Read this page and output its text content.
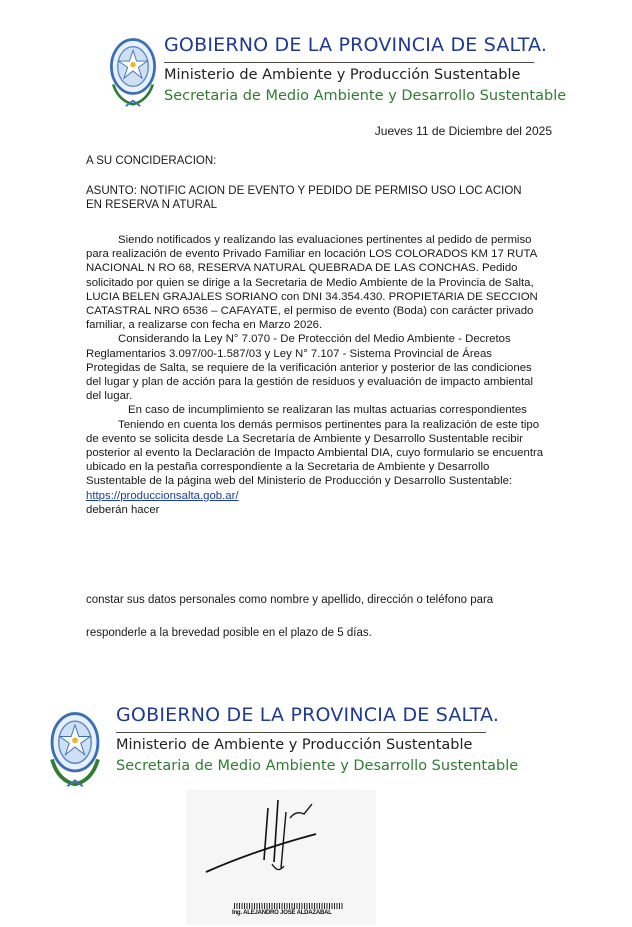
GOBIERNO DE LA PROVINCIA DE SALTA.
Ministerio de Ambiente y Producción Sustentable
Secretaria de Medio Ambiente y Desarrollo Sustentable
Jueves 11 de Diciembre del 2025
A SU CONCIDERACION:
ASUNTO: NOTIFIC ACION DE EVENTO Y PEDIDO DE PERMISO USO LOC ACION
EN RESERVA N ATURAL

Siendo notificados y realizando las evaluaciones pertinentes al pedido de permiso para realización de evento Privado Familiar en locación LOS COLORADOS KM 17 RUTA NACIONAL N RO 68, RESERVA NATURAL QUEBRADA DE LAS CONCHAS. Pedido solicitado por quien se dirige a la Secretaria de Medio Ambiente de la Provincia de Salta, LUCIA BELEN GRAJALES SORIANO con DNI 34.354.430. PROPIETARIA DE SECCION CATASTRAL NRO 6536 – CAFAYATE, el permiso de evento (Boda) con carácter privado familiar, a realizarse con fecha en Marzo 2026.

Considerando la Ley N° 7.070 - De Protección del Medio Ambiente - Decretos Reglamentarios 3.097/00-1.587/03 y Ley N° 7.107 - Sistema Provincial de Áreas Protegidas de Salta, se requiere de la verificación anterior y posterior de las condiciones del lugar y plan de acción para la gestión de residuos y evaluación de impacto ambiental del lugar.

En caso de incumplimiento se realizaran las multas actuarias correspondientes

Teniendo en cuenta los demás permisos pertinentes para la realización de este tipo de evento se solicita desde La Secretaría de Ambiente y Desarrollo Sustentable recibir posterior al evento la Declaración de Impacto Ambiental DIA, cuyo formulario se encuentra ubicado en la pestaña correspondiente a la Secretaria de Ambiente y Desarrollo Sustentable de la página web del Ministerio de Producción y Desarrollo Sustentable: https://produccionsalta.gob.ar/

deberán hacer
constar sus datos personales como nombre y apellido, dirección o teléfono para
responderle a la brevedad posible en el plazo de 5 días.
GOBIERNO DE LA PROVINCIA DE SALTA.
Ministerio de Ambiente y Producción Sustentable
Secretaria de Medio Ambiente y Desarrollo Sustentable
Ing. ALEJANDRO JOSÉ ALDAZABAL
